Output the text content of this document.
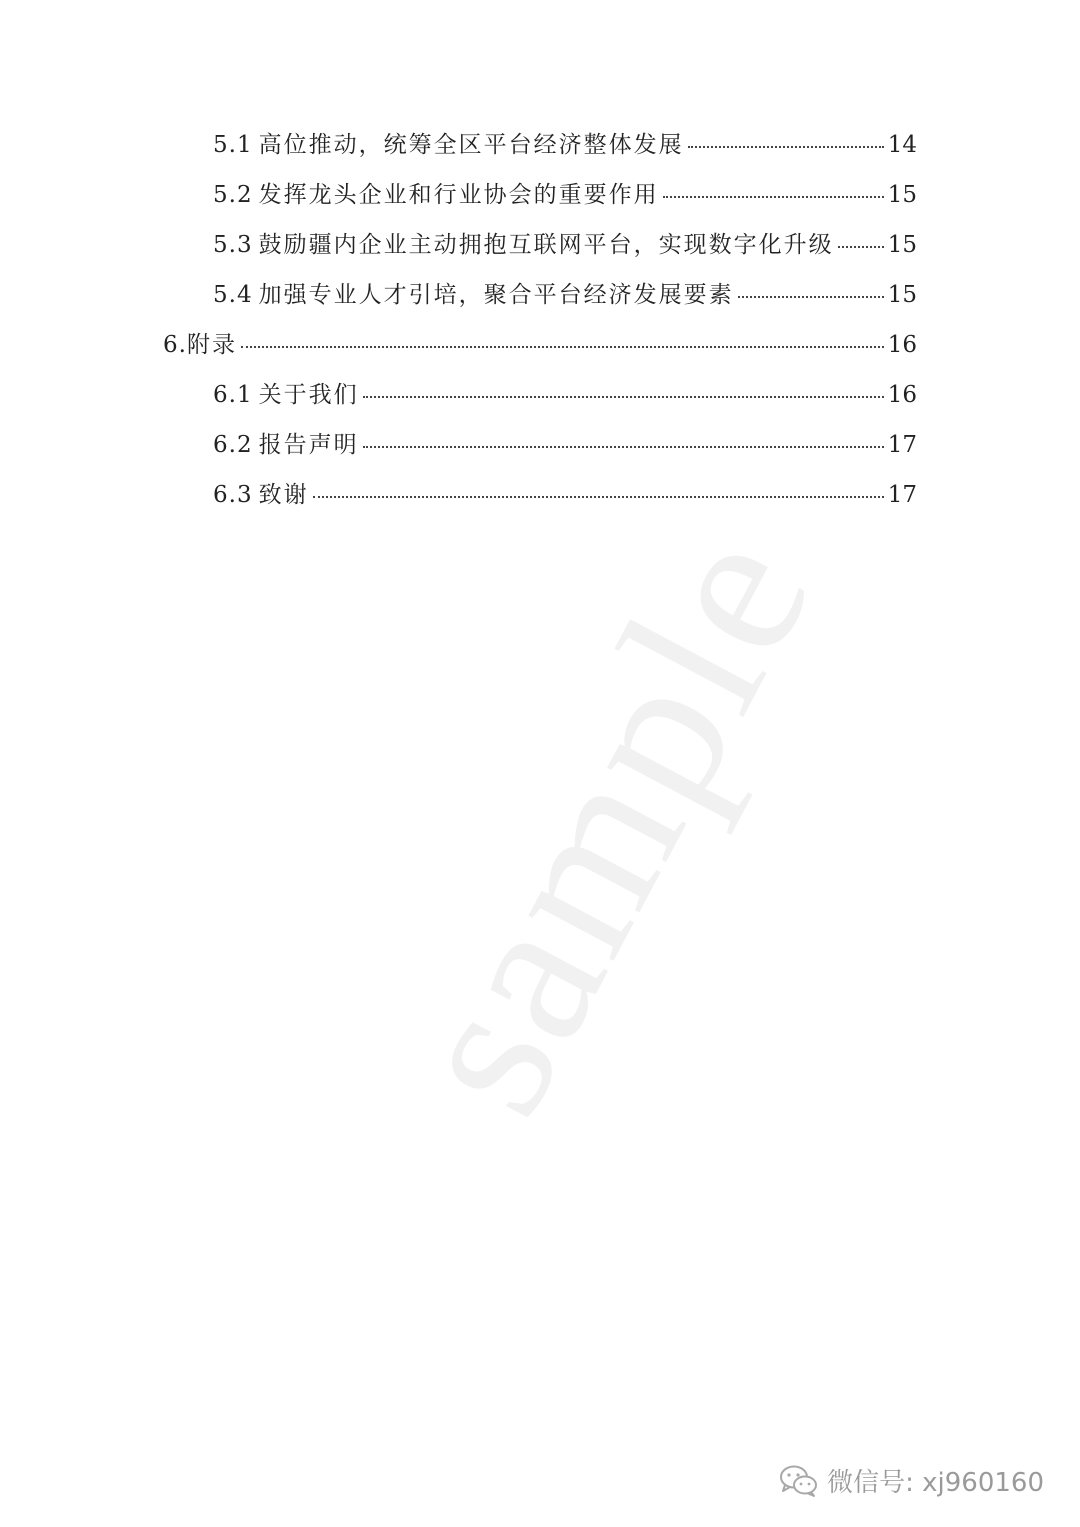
sample
5.1 高位推动，统筹全区平台经济整体发展	14
5.2 发挥龙头企业和行业协会的重要作用	15
5.3 鼓励疆内企业主动拥抱互联网平台，实现数字化升级 15
5.4 加强专业人才引培，聚合平台经济发展要素	15
6. 附录	16
6.1 关于我们	16
6.2 报告声明	17
6.3 致谢	17
微信号: xj960160
